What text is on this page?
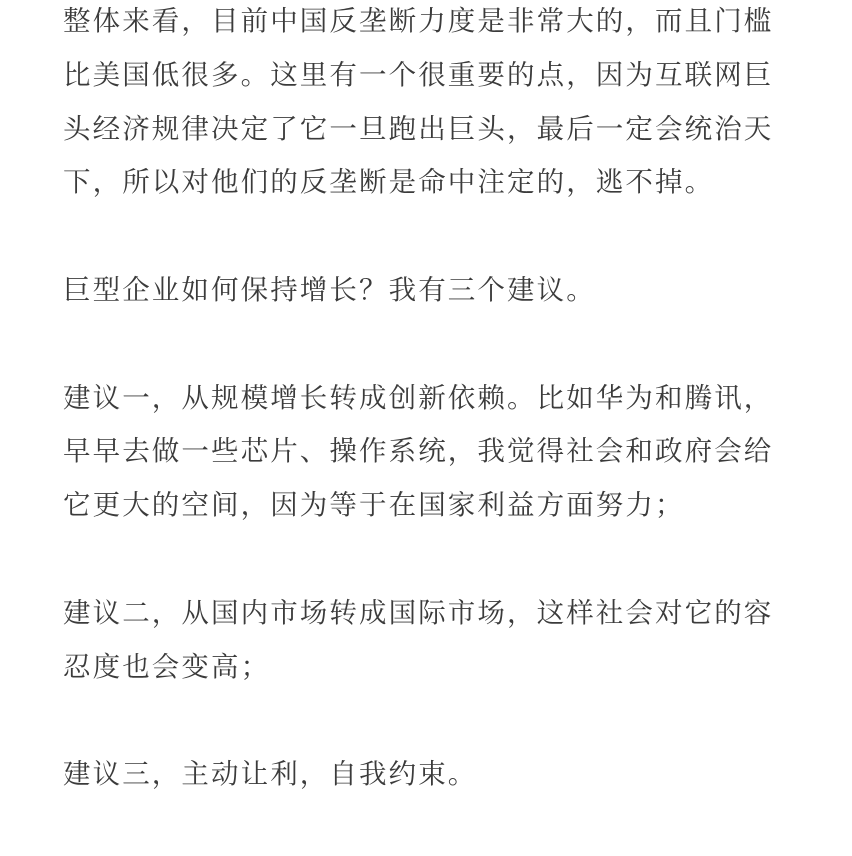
整体来看，目前中国反垄断力度是非常大的，而且门槛
比美国低很多。这里有一个很重要的点，因为互联网巨
头经济规律决定了它一旦跑出巨头，最后一定会统治天
下，所以对他们的反垄断是命中注定的，逃不掉。

巨型企业如何保持增长？我有三个建议。

建议一，从规模增长转成创新依赖。比如华为和腾讯，
早早去做一些芯片、操作系统，我觉得社会和政府会给
它更大的空间，因为等于在国家利益方面努力；

建议二，从国内市场转成国际市场，这样社会对它的容
忍度也会变高；

建议三，主动让利，自我约束。
